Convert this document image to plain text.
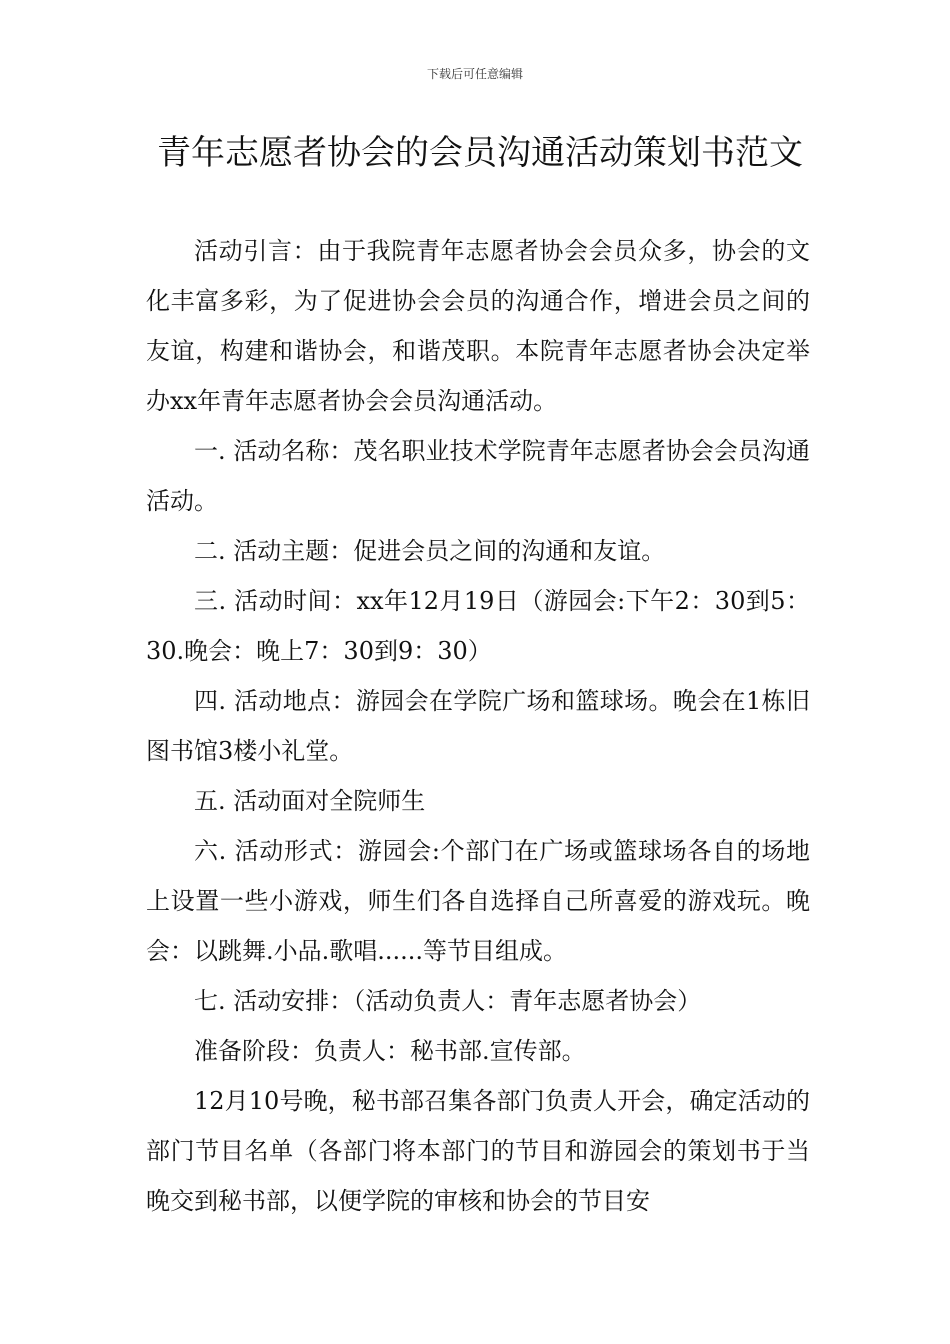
下载后可任意编辑
青年志愿者协会的会员沟通活动策划书范文

活动引言：由于我院青年志愿者协会会员众多，协会的文化丰富多彩，为了促进协会会员的沟通合作，增进会员之间的友谊，构建和谐协会，和谐茂职。本院青年志愿者协会决定举办xx年青年志愿者协会会员沟通活动。

一. 活动名称：茂名职业技术学院青年志愿者协会会员沟通活动。

二. 活动主题：促进会员之间的沟通和友谊。

三. 活动时间：xx年12月19日（游园会:下午2：30到5：30.晚会：晚上7：30到9：30）

四. 活动地点：游园会在学院广场和篮球场。晚会在1栋旧图书馆3楼小礼堂。

五. 活动面对全院师生

六. 活动形式：游园会:个部门在广场或篮球场各自的场地上设置一些小游戏，师生们各自选择自己所喜爱的游戏玩。晚会：以跳舞.小品.歌唱......等节目组成。

七. 活动安排：（活动负责人：青年志愿者协会）

准备阶段：负责人：秘书部.宣传部。

12月10号晚，秘书部召集各部门负责人开会，确定活动的部门节目名单（各部门将本部门的节目和游园会的策划书于当晚交到秘书部，以便学院的审核和协会的节目安
